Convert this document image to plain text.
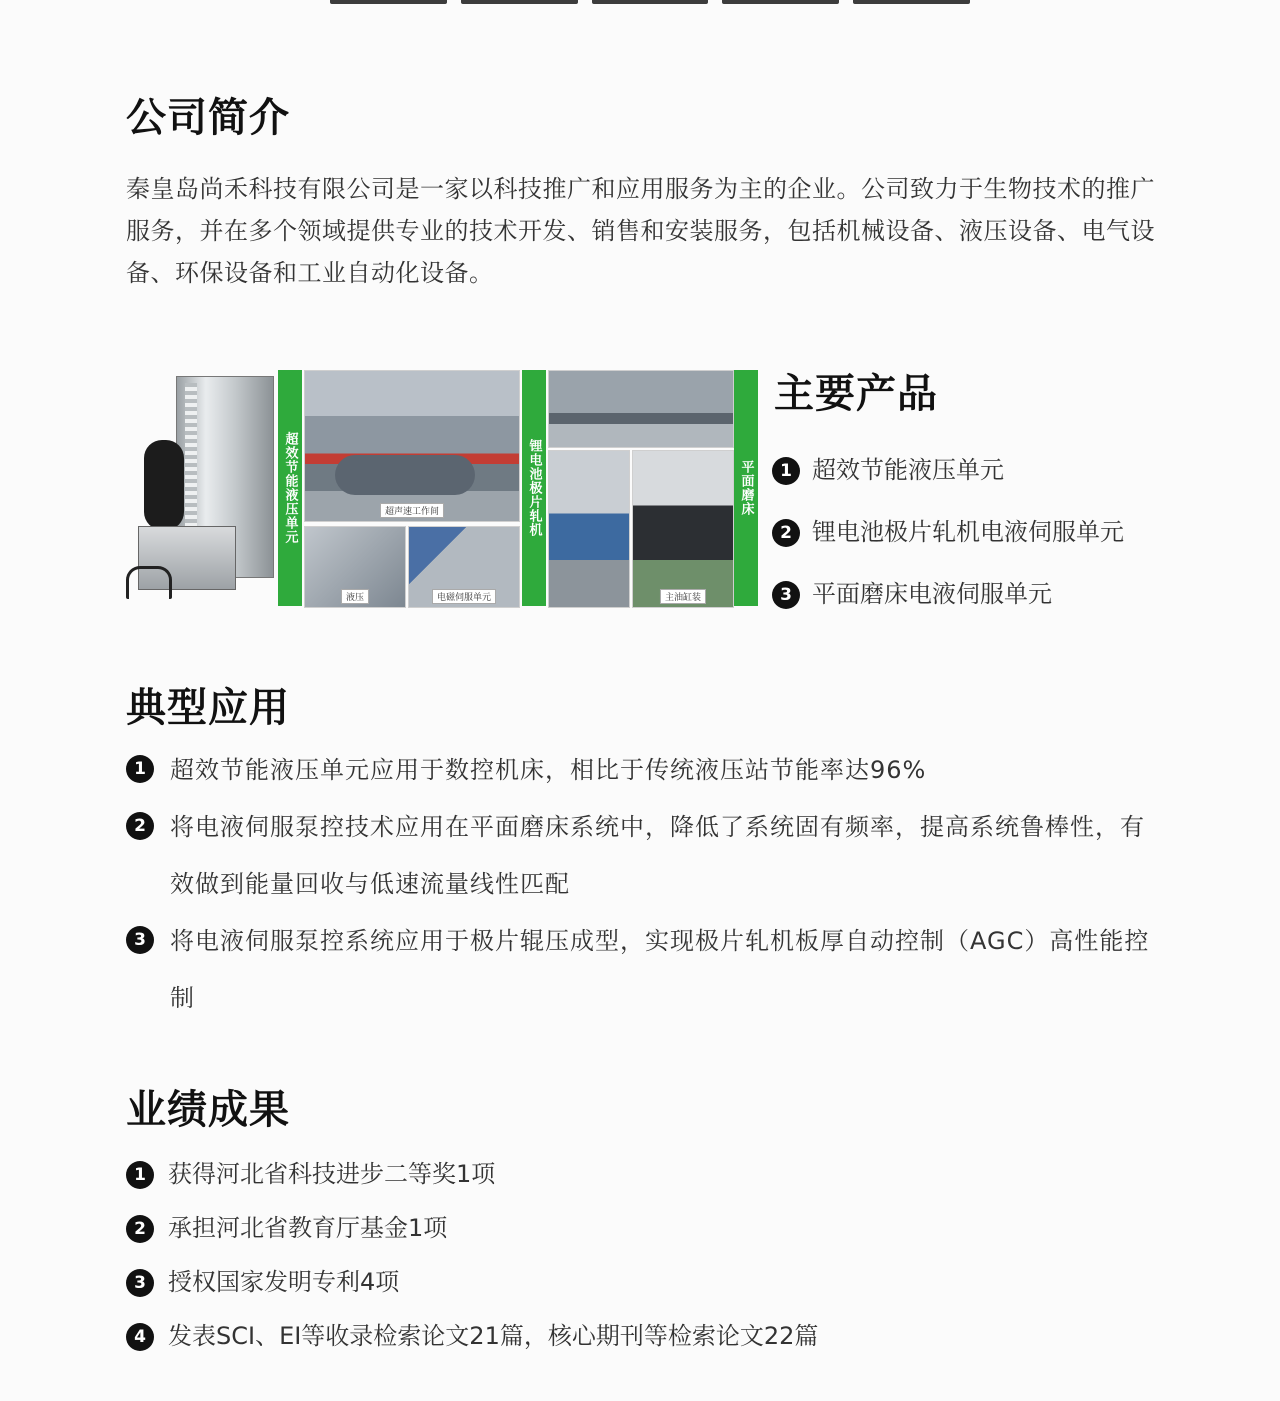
公司简介

秦皇岛尚禾科技有限公司是一家以科技推广和应用服务为主的企业。公司致力于生物技术的推广服务，并在多个领域提供专业的技术开发、销售和安装服务，包括机械设备、液压设备、电气设备、环保设备和工业自动化设备。

超效节能液压单元	超声速工作间
液压	电磁伺服单元
锂电池极片轧机
主油缸装
平面磨床
主要产品
1 超效节能液压单元
2 锂电池极片轧机电液伺服单元
3 平面磨床电液伺服单元
典型应用
1	超效节能液压单元应用于数控机床，相比于传统液压站节能率达96%
2	将电液伺服泵控技术应用在平面磨床系统中，降低了系统固有频率，提高系统鲁棒性，有效做到能量回收与低速流量线性匹配
3	将电液伺服泵控系统应用于极片辊压成型，实现极片轧机板厚自动控制（AGC）高性能控制
业绩成果
1 获得河北省科技进步二等奖1项
2 承担河北省教育厅基金1项
3 授权国家发明专利4项
4 发表SCI、EI等收录检索论文21篇，核心期刊等检索论文22篇
